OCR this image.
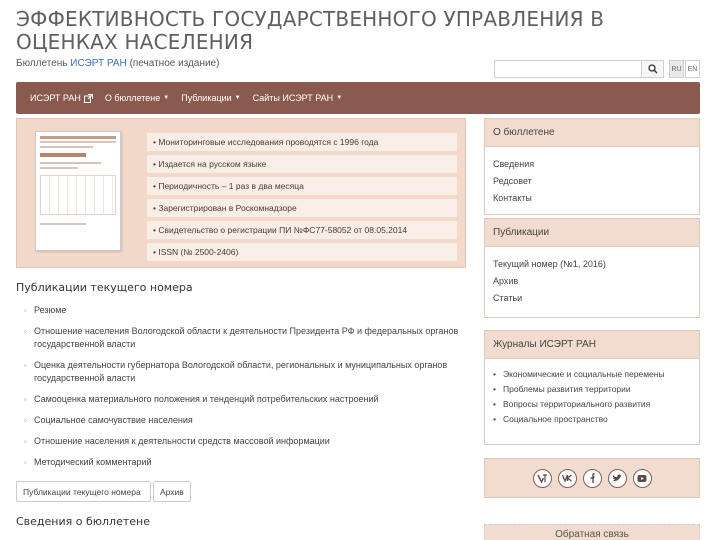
ЭФФЕКТИВНОСТЬ ГОСУДАРСТВЕННОГО УПРАВЛЕНИЯ В ОЦЕНКАХ НАСЕЛЕНИЯ
Бюллетень ИСЭРТ РАН (печатное издание)	RU EN
ИСЭРТ РАН	О бюллетене ▼ Публикации ▼ Сайты ИСЭРТ РАН ▼
• Мониторинговые исследования проводятся с 1996 года
• Издается на русском языке
• Периодичность – 1 раз в два месяца
• Зарегистрирован в Роскомнадзоре
• Свидетельство о регистрации ПИ №ФС77-58052 от 08.05.2014
• ISSN (№ 2500-2406)
Публикации текущего номера
◦ Резюме
◦ Отношение населения Вологодской области к деятельности Президента РФ и федеральных органов государственной власти
◦ Оценка деятельности губернатора Вологодской области, региональных и муниципальных органов государственной власти
◦ Самооценка материального положения и тенденций потребительских настроений
◦ Социальное самочувствие населения
◦ Отношение населения к деятельности средств массовой информации
◦ Методический комментарий
Публикации текущего номера	Архив
Сведения о бюллетене
О бюллетене
Сведения
Редсовет
Контакты
Публикации
Текущий номер (№1, 2016)
Архив
Статьи
Журналы ИСЭРТ РАН
• Экономические и социальные перемены
• Проблемы развития территории
• Вопросы территориального развития
• Социальное пространство
Обратная связь
